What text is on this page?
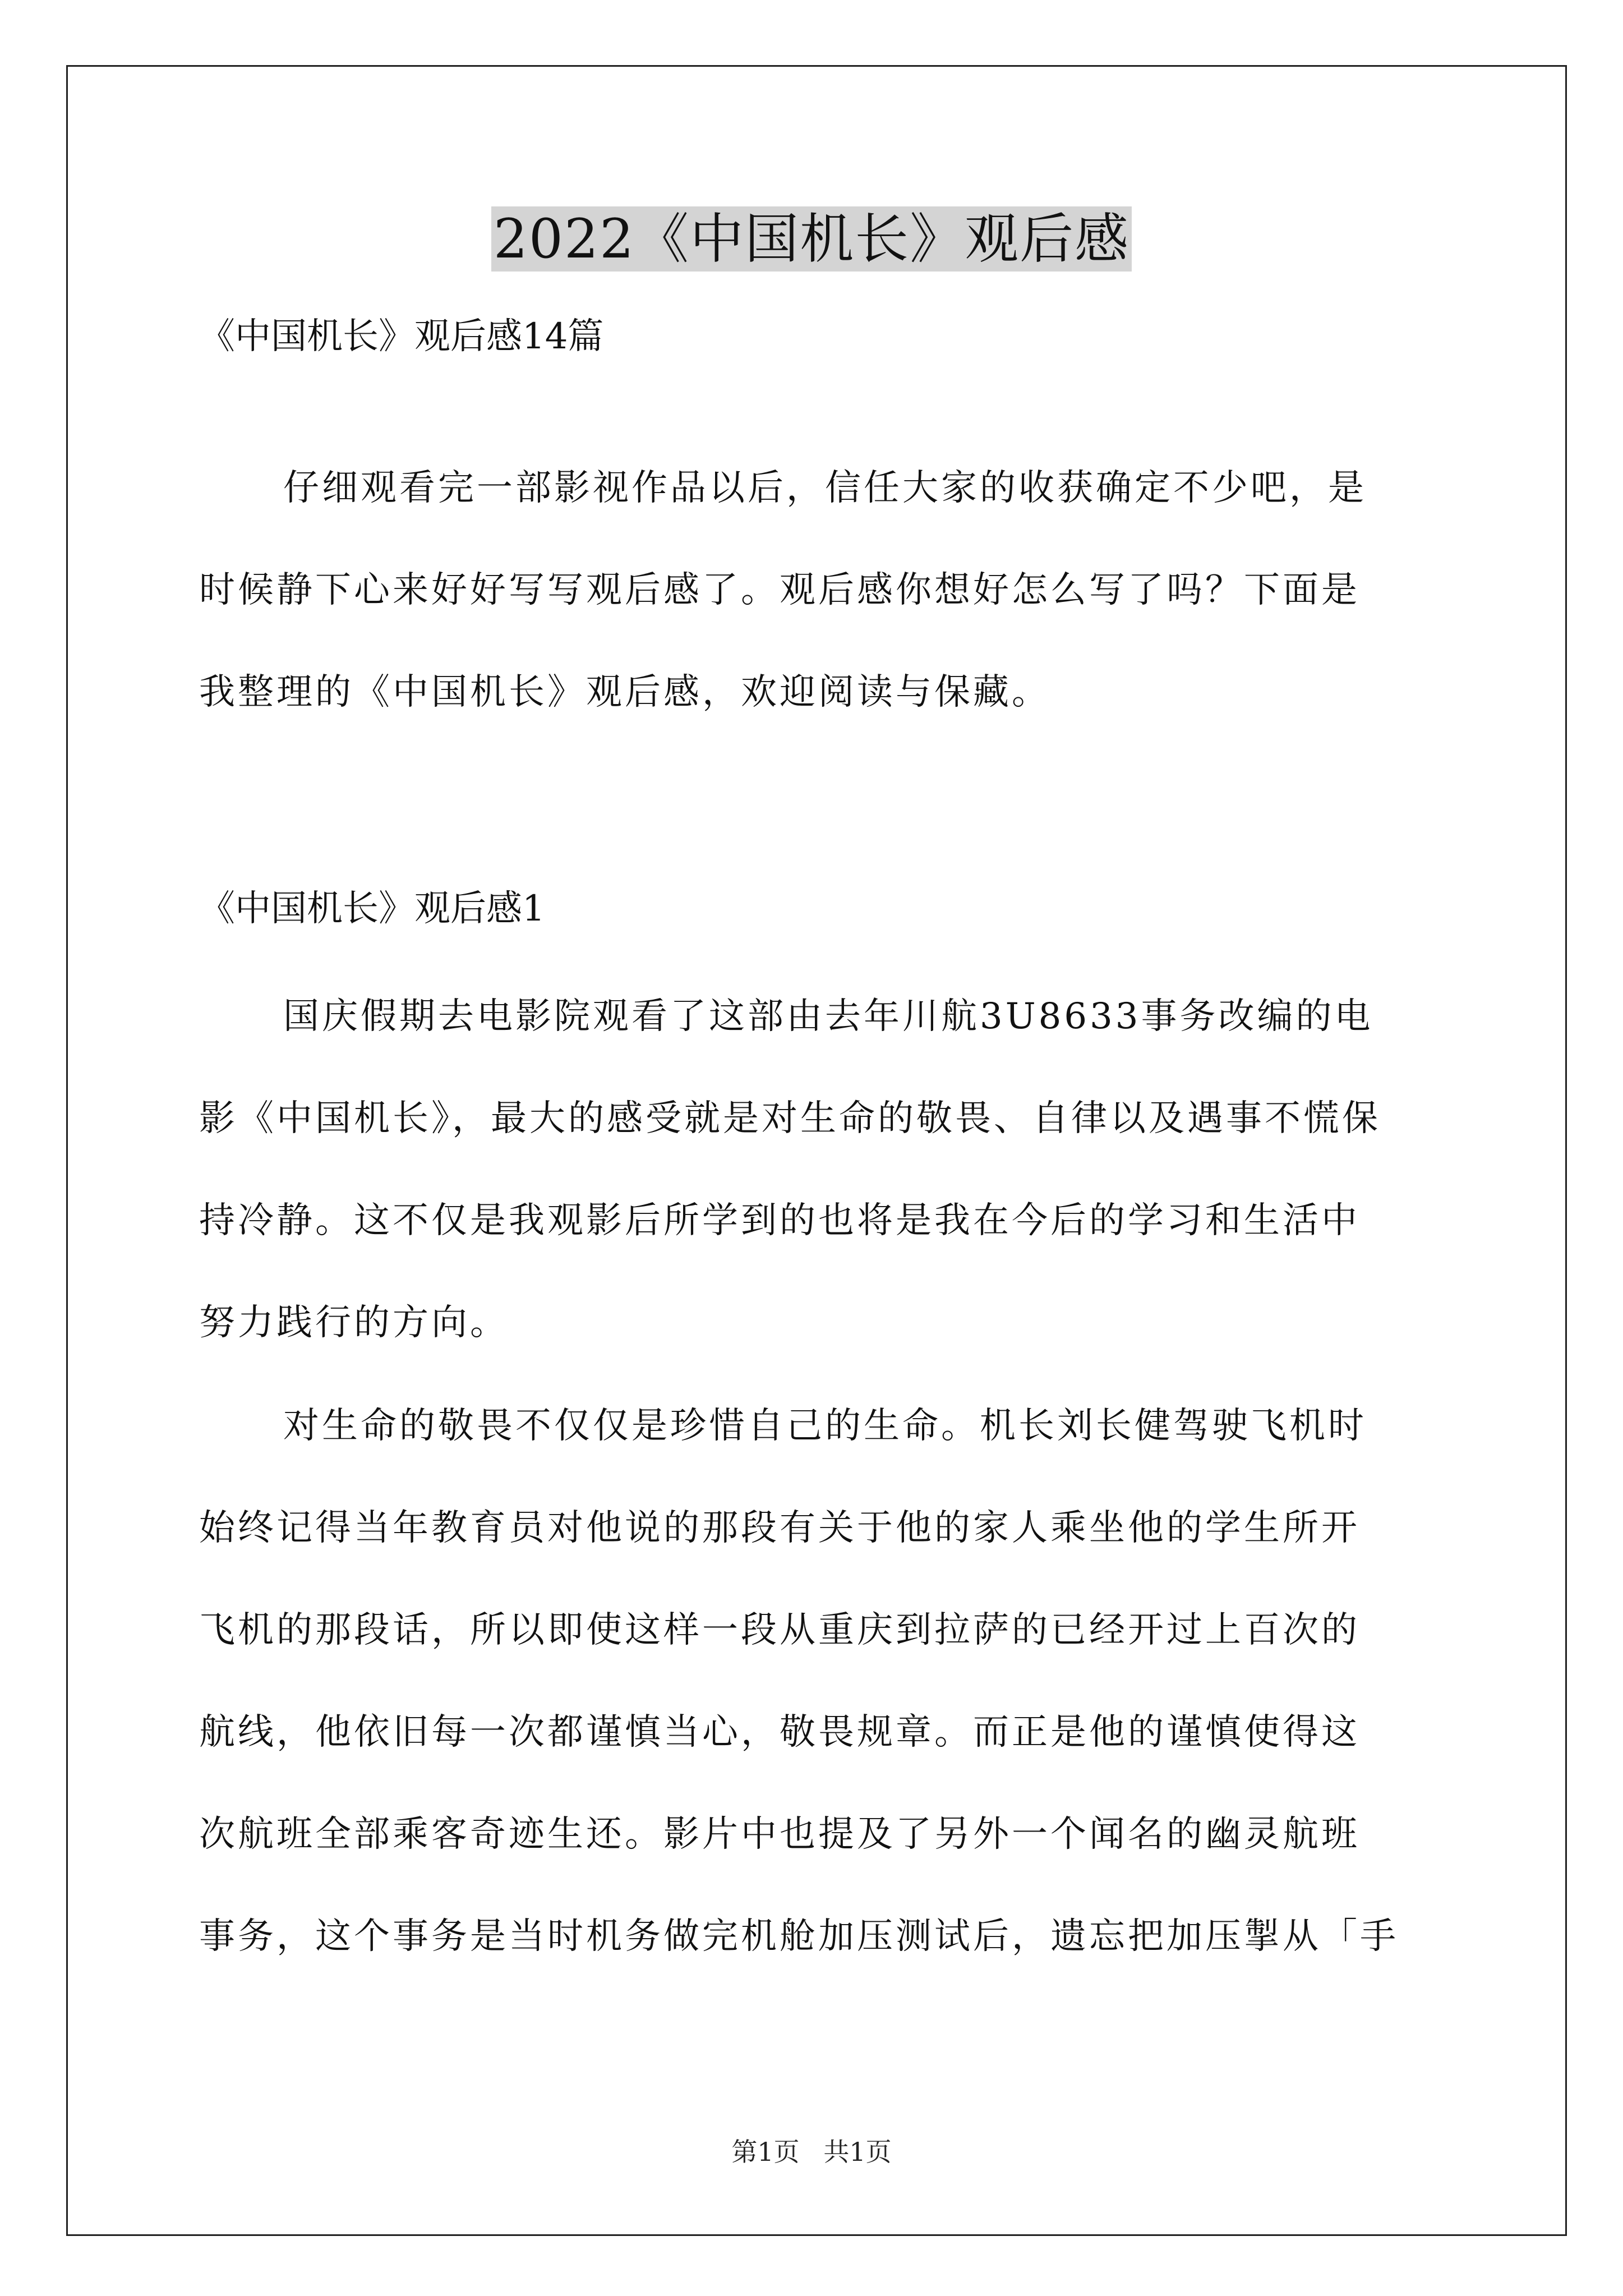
2022《中国机长》观后感
《中国机长》观后感14篇
仔细观看完一部影视作品以后，信任大家的收获确定不少吧，是
时候静下心来好好写写观后感了。观后感你想好怎么写了吗？下面是
我整理的《中国机长》观后感，欢迎阅读与保藏。
《中国机长》观后感1
国庆假期去电影院观看了这部由去年川航3U8633事务改编的电
影《中国机长》，最大的感受就是对生命的敬畏、自律以及遇事不慌保
持冷静。这不仅是我观影后所学到的也将是我在今后的学习和生活中
努力践行的方向。
对生命的敬畏不仅仅是珍惜自己的生命。机长刘长健驾驶飞机时
始终记得当年教育员对他说的那段有关于他的家人乘坐他的学生所开
飞机的那段话，所以即使这样一段从重庆到拉萨的已经开过上百次的
航线，他依旧每一次都谨慎当心，敬畏规章。而正是他的谨慎使得这
次航班全部乘客奇迹生还。影片中也提及了另外一个闻名的幽灵航班
事务，这个事务是当时机务做完机舱加压测试后，遗忘把加压掣从「手
第1页 共1页
